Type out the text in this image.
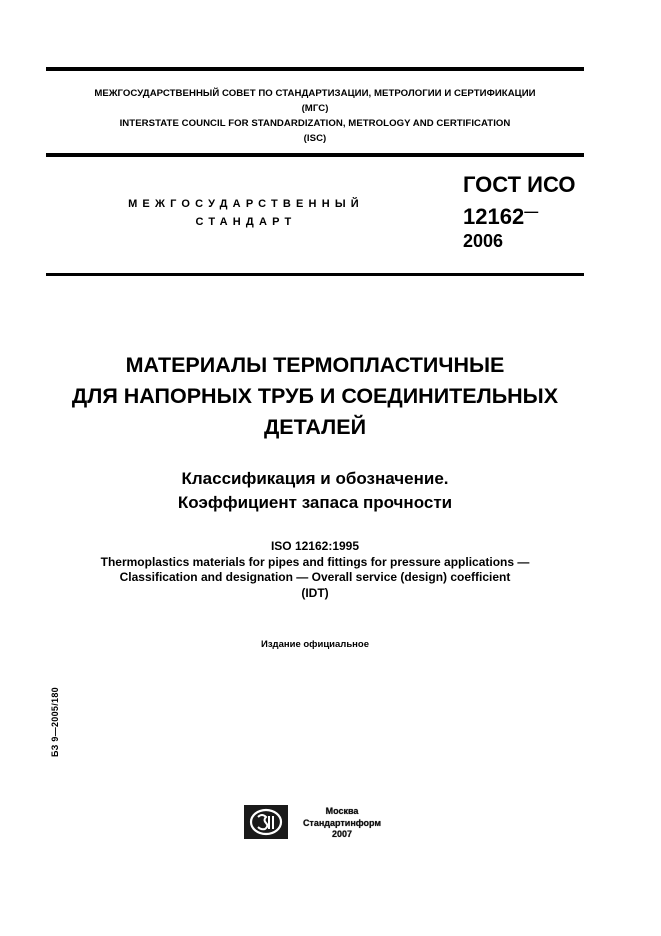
МЕЖГОСУДАРСТВЕННЫЙ СОВЕТ ПО СТАНДАРТИЗАЦИИ, МЕТРОЛОГИИ И СЕРТИФИКАЦИИ
(МГС)
INTERSTATE COUNCIL FOR STANDARDIZATION, METROLOGY AND CERTIFICATION
(ISC)
МЕЖГОСУДАРСТВЕННЫЙ
СТАНДАРТ
ГОСТ ИСО
12162—
2006
МАТЕРИАЛЫ ТЕРМОПЛАСТИЧНЫЕ
ДЛЯ НАПОРНЫХ ТРУБ И СОЕДИНИТЕЛЬНЫХ
ДЕТАЛЕЙ
Классификация и обозначение.
Коэффициент запаса прочности
ISO 12162:1995
Thermoplastics materials for pipes and fittings for pressure applications —
Classification and designation — Overall service (design) coefficient
(IDT)
Издание официальное
БЗ 9—2005/180
Москва
Стандартинформ
2007
